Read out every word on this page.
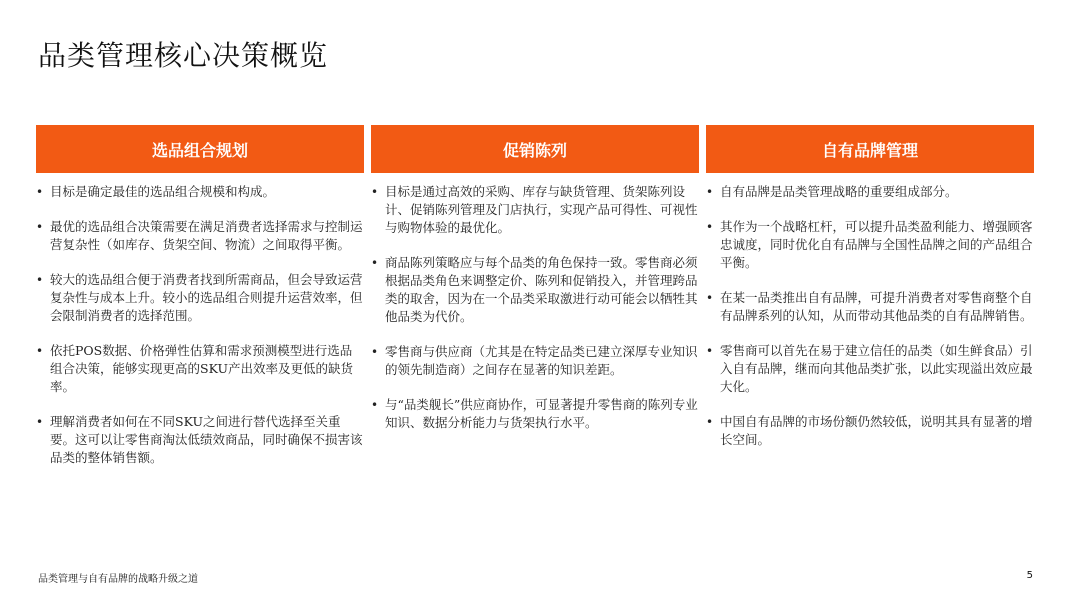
品类管理核心决策概览
选品组合规划
• 目标是确定最佳的选品组合规模和构成。
• 最优的选品组合决策需要在满足消费者选择需求与控制运营复杂性（如库存、货架空间、物流）之间取得平衡。
• 较大的选品组合便于消费者找到所需商品，但会导致运营复杂性与成本上升。较小的选品组合则提升运营效率，但会限制消费者的选择范围。
• 依托POS数据、价格弹性估算和需求预测模型进行选品组合决策，能够实现更高的SKU产出效率及更低的缺货率。
• 理解消费者如何在不同SKU之间进行替代选择至关重要。这可以让零售商淘汰低绩效商品，同时确保不损害该品类的整体销售额。
促销陈列
• 目标是通过高效的采购、库存与缺货管理、货架陈列设计、促销陈列管理及门店执行，实现产品可得性、可视性与购物体验的最优化。
• 商品陈列策略应与每个品类的角色保持一致。零售商必须根据品类角色来调整定价、陈列和促销投入，并管理跨品类的取舍，因为在一个品类采取激进行动可能会以牺牲其他品类为代价。
• 零售商与供应商（尤其是在特定品类已建立深厚专业知识的领先制造商）之间存在显著的知识差距。
• 与“品类舰长”供应商协作，可显著提升零售商的陈列专业知识、数据分析能力与货架执行水平。
自有品牌管理
• 自有品牌是品类管理战略的重要组成部分。
• 其作为一个战略杠杆，可以提升品类盈利能力、增强顾客忠诚度，同时优化自有品牌与全国性品牌之间的产品组合平衡。
• 在某一品类推出自有品牌，可提升消费者对零售商整个自有品牌系列的认知，从而带动其他品类的自有品牌销售。
• 零售商可以首先在易于建立信任的品类（如生鲜食品）引入自有品牌，继而向其他品类扩张，以此实现溢出效应最大化。
• 中国自有品牌的市场份额仍然较低，说明其具有显著的增长空间。
品类管理与自有品牌的战略升级之道	5
